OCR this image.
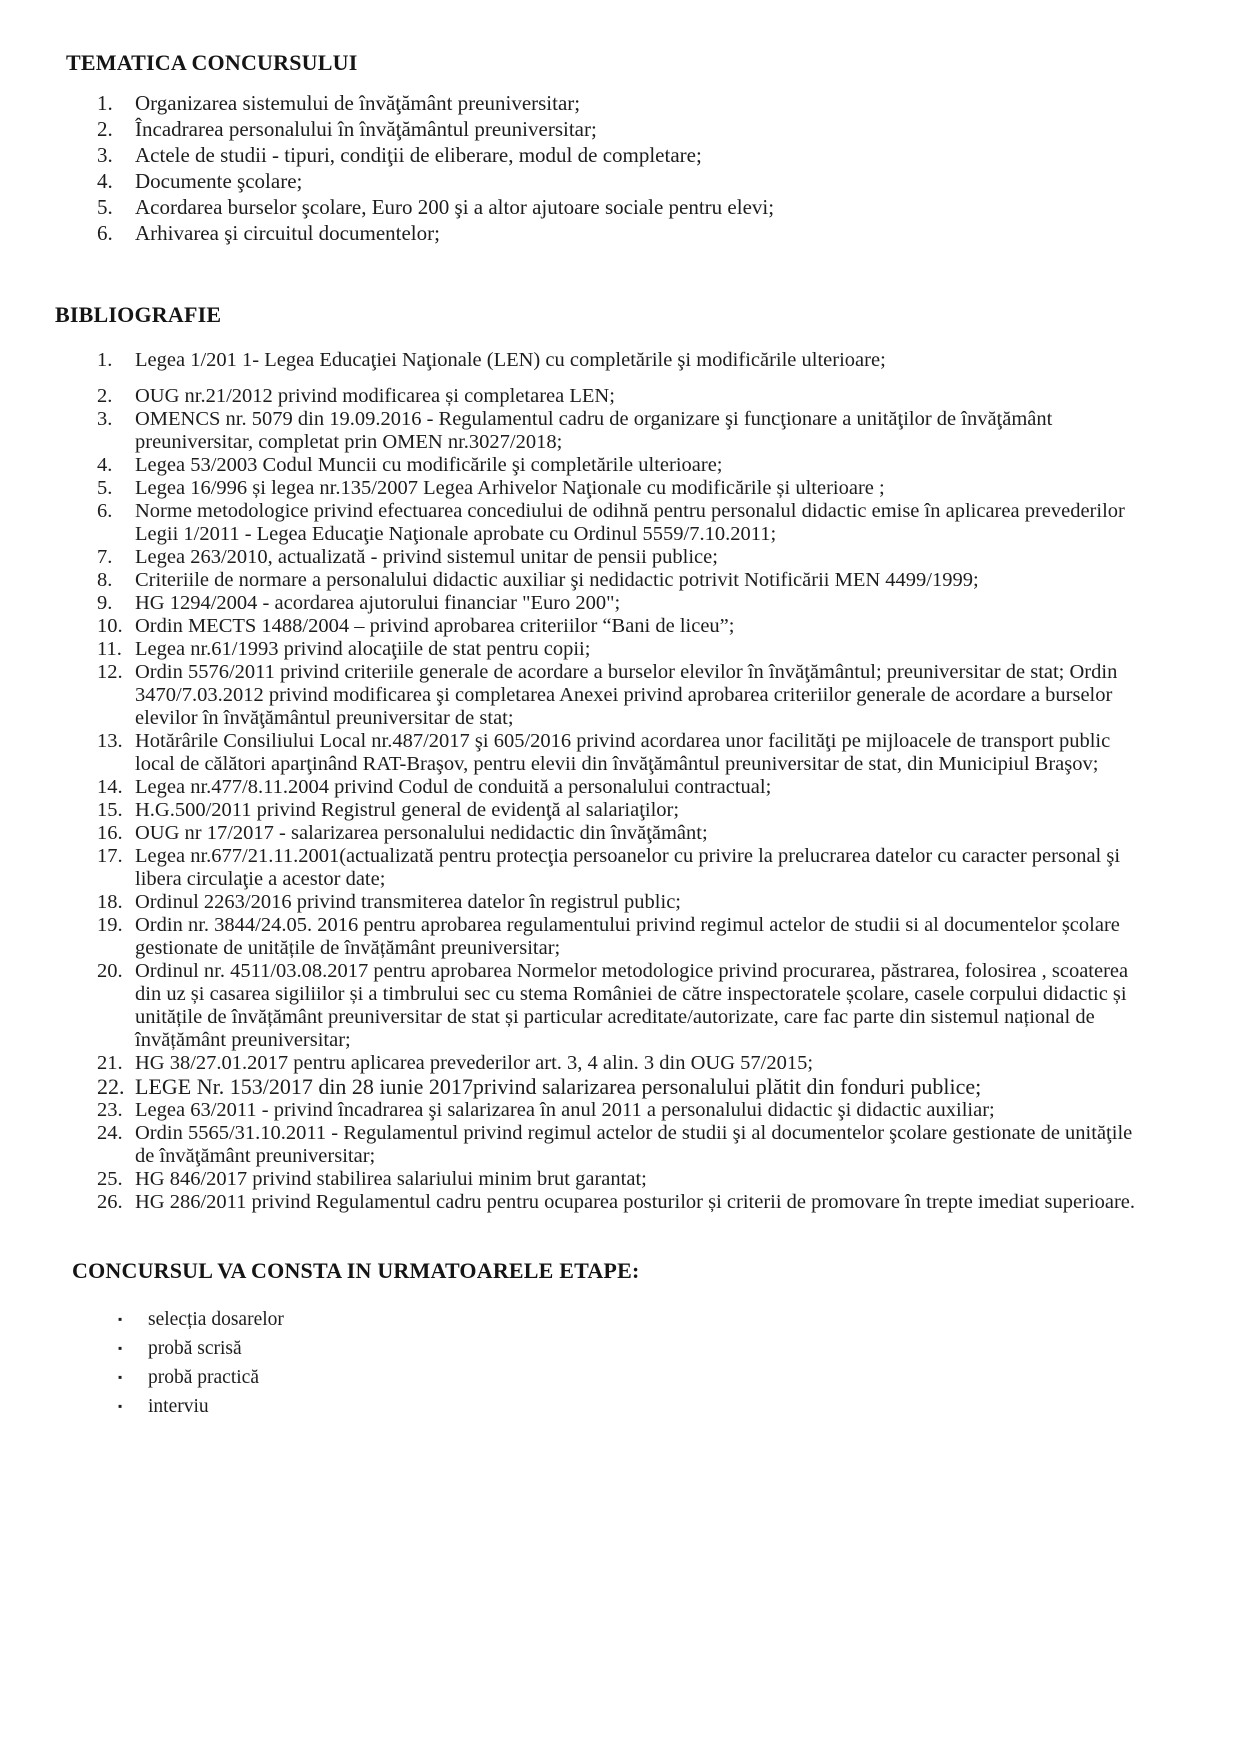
TEMATICA CONCURSULUI
1.	Organizarea sistemului de învăţământ preuniversitar;
2.	Încadrarea personalului în învăţământul preuniversitar;
3.	Actele de studii - tipuri, condiţii de eliberare, modul de completare;
4.	Documente şcolare;
5.	Acordarea burselor şcolare, Euro 200 şi a altor ajutoare sociale pentru elevi;
6.	Arhivarea şi circuitul documentelor;
BIBLIOGRAFIE
1.	Legea 1/201 1- Legea Educaţiei Naţionale (LEN) cu completările şi modificările ulterioare;
2.	OUG nr.21/2012 privind modificarea și completarea LEN;
3.	OMENCS nr. 5079 din 19.09.2016 - Regulamentul cadru de organizare şi funcţionare a unităţilor de învăţământ preuniversitar, completat prin OMEN nr.3027/2018;
4.	Legea 53/2003 Codul Muncii cu modificările şi completările ulterioare;
5.	Legea 16/996 și legea nr.135/2007 Legea Arhivelor Naţionale cu modificările și ulterioare ;
6.	Norme metodologice privind efectuarea concediului de odihnă pentru personalul didactic emise în aplicarea prevederilor Legii 1/2011 - Legea Educaţie Naţionale aprobate cu Ordinul 5559/7.10.2011;
7.	Legea 263/2010, actualizată - privind sistemul unitar de pensii publice;
8.	Criteriile de normare a personalului didactic auxiliar şi nedidactic potrivit Notificării MEN 4499/1999;
9.	HG 1294/2004 - acordarea ajutorului financiar "Euro 200";
10. Ordin MECTS 1488/2004 – privind aprobarea criteriilor “Bani de liceu”;
11. Legea nr.61/1993 privind alocaţiile de stat pentru copii;
12. Ordin 5576/2011 privind criteriile generale de acordare a burselor elevilor în învăţământul; preuniversitar de stat; Ordin 3470/7.03.2012 privind modificarea şi completarea Anexei privind aprobarea criteriilor generale de acordare a burselor elevilor în învăţământul preuniversitar de stat;
13. Hotărârile Consiliului Local nr.487/2017 şi 605/2016 privind acordarea unor facilităţi pe mijloacele de transport public local de călători aparţinând RAT-Braşov, pentru elevii din învăţământul preuniversitar de stat, din Municipiul Braşov;
14. Legea nr.477/8.11.2004 privind Codul de conduită a personalului contractual;
15. H.G.500/2011 privind Registrul general de evidenţă al salariaţilor;
16. OUG nr 17/2017 - salarizarea personalului nedidactic din învăţământ;
17. Legea nr.677/21.11.2001(actualizată pentru protecţia persoanelor cu privire la prelucrarea datelor cu caracter personal şi libera circulaţie a acestor date;
18. Ordinul 2263/2016 privind transmiterea datelor în registrul public;
19. Ordin nr. 3844/24.05. 2016 pentru aprobarea regulamentului privind regimul actelor de studii si al documentelor școlare gestionate de unitățile de învățământ preuniversitar;
20. Ordinul nr. 4511/03.08.2017 pentru aprobarea Normelor metodologice privind procurarea, păstrarea, folosirea , scoaterea din uz și casarea sigiliilor și a timbrului sec cu stema României de către inspectoratele școlare, casele corpului didactic și unitățile de învățământ preuniversitar de stat și particular acreditate/autorizate, care fac parte din sistemul național de învățământ preuniversitar;
21. HG 38/27.01.2017 pentru aplicarea prevederilor art. 3, 4 alin. 3 din OUG 57/2015;
22. LEGE Nr. 153/2017 din 28 iunie 2017privind salarizarea personalului plătit din fonduri publice;
23. Legea 63/2011 - privind încadrarea şi salarizarea în anul 2011 a personalului didactic şi didactic auxiliar;
24. Ordin 5565/31.10.2011 - Regulamentul privind regimul actelor de studii şi al documentelor şcolare gestionate de unităţile de învăţământ preuniversitar;
25. HG 846/2017 privind stabilirea salariului minim brut garantat;
26. HG 286/2011 privind Regulamentul cadru pentru ocuparea posturilor și criterii de promovare în trepte imediat superioare.
CONCURSUL VA CONSTA IN URMATOARELE ETAPE:
▪	selecția dosarelor
▪	probă scrisă
▪	probă practică
▪	interviu
